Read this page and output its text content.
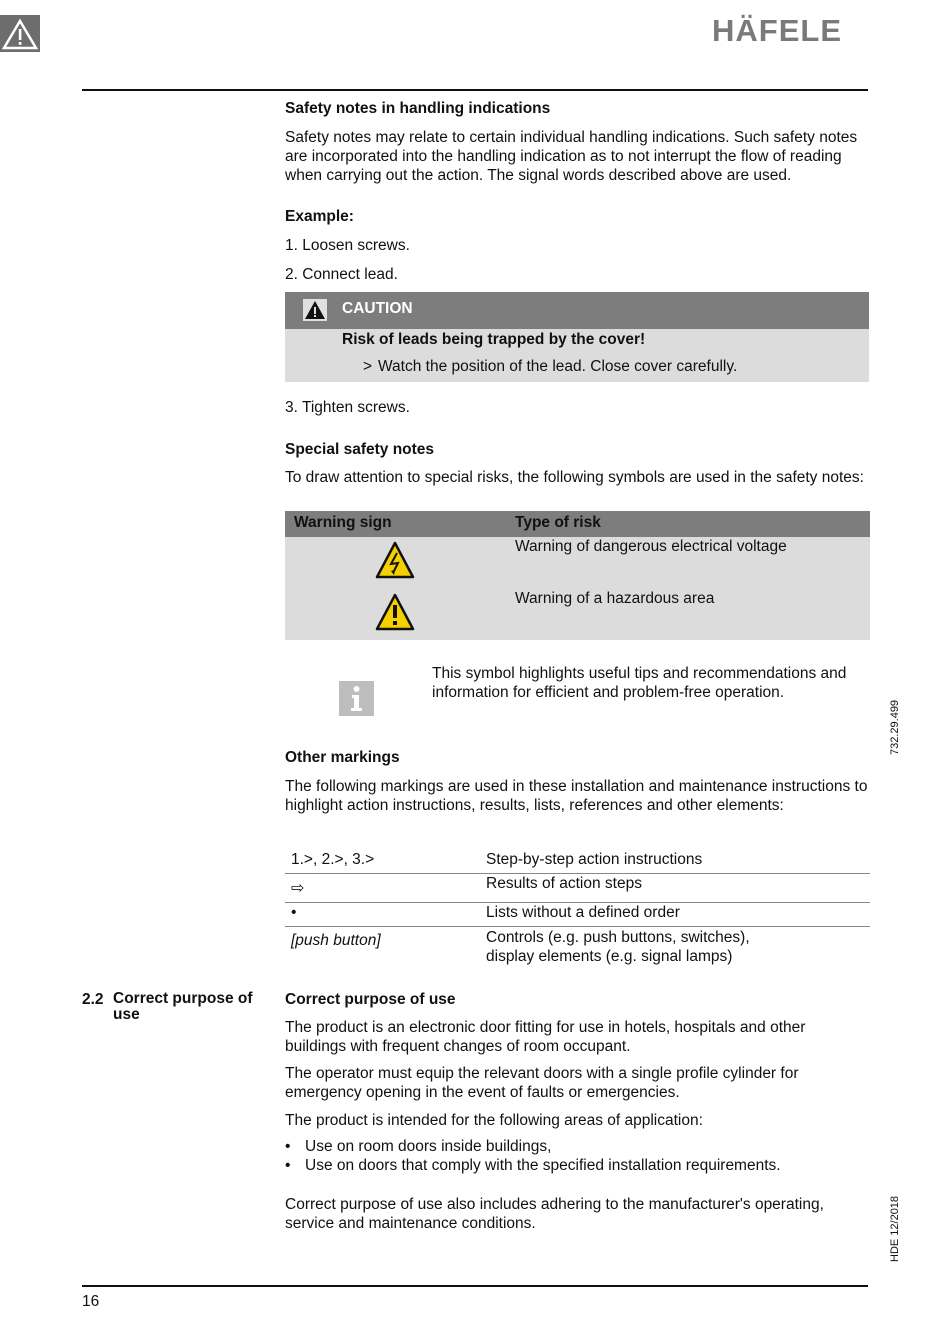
HÄFELE
Safety notes in handling indications
Safety notes may relate to certain individual handling indications. Such safety notes are incorporated into the handling indication as to not interrupt the flow of reading when carrying out the action. The signal words described above are used.
Example:
1. Loosen screws.
2. Connect lead.
CAUTION
Risk of leads being trapped by the cover!
> Watch the position of the lead. Close cover carefully.
3. Tighten screws.
Special safety notes
To draw attention to special risks, the following symbols are used in the safety notes:
Warning sign	Type of risk
Warning of dangerous electrical voltage
Warning of a hazardous area
This symbol highlights useful tips and recommendations and information for efficient and problem-free operation.
Other markings
The following markings are used in these installation and maintenance instructions to highlight action instructions, results, lists, references and other elements:
1.>, 2.>, 3.>	Step-by-step action instructions
⇨	Results of action steps
•	Lists without a defined order
[push button]	Controls (e.g. push buttons, switches), display elements (e.g. signal lamps)
2.2 Correct purpose of use
Correct purpose of use
The product is an electronic door fitting for use in hotels, hospitals and other buildings with frequent changes of room occupant.
The operator must equip the relevant doors with a single profile cylinder for emergency opening in the event of faults or emergencies.
The product is intended for the following areas of application:
• Use on room doors inside buildings,
• Use on doors that comply with the specified installation requirements.
Correct purpose of use also includes adhering to the manufacturer's operating, service and maintenance conditions.
732.29.499
HDE 12/2018
16
